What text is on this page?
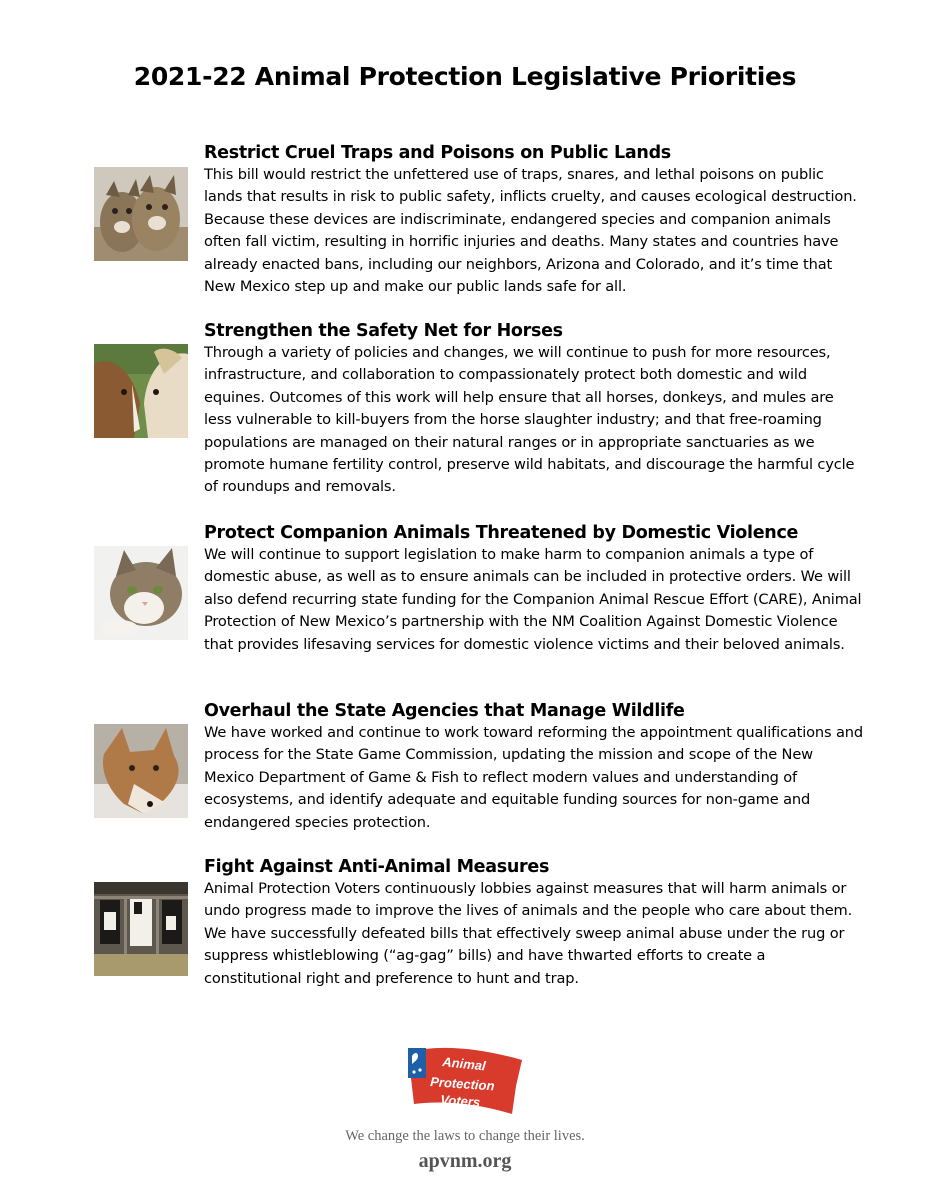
2021-22 Animal Protection Legislative Priorities
Restrict Cruel Traps and Poisons on Public Lands

This bill would restrict the unfettered use of traps, snares, and lethal poisons on public lands that results in risk to public safety, inflicts cruelty, and causes ecological destruction. Because these devices are indiscriminate, endangered species and companion animals often fall victim, resulting in horrific injuries and deaths. Many states and countries have already enacted bans, including our neighbors, Arizona and Colorado, and it’s time that New Mexico step up and make our public lands safe for all.

Strengthen the Safety Net for Horses

Through a variety of policies and changes, we will continue to push for more resources, infrastructure, and collaboration to compassionately protect both domestic and wild equines. Outcomes of this work will help ensure that all horses, donkeys, and mules are less vulnerable to kill-buyers from the horse slaughter industry; and that free-roaming populations are managed on their natural ranges or in appropriate sanctuaries as we promote humane fertility control, preserve wild habitats, and discourage the harmful cycle of roundups and removals.

Protect Companion Animals Threatened by Domestic Violence

We will continue to support legislation to make harm to companion animals a type of domestic abuse, as well as to ensure animals can be included in protective orders. We will also defend recurring state funding for the Companion Animal Rescue Effort (CARE), Animal Protection of New Mexico’s partnership with the NM Coalition Against Domestic Violence that provides lifesaving services for domestic violence victims and their beloved animals.

Overhaul the State Agencies that Manage Wildlife

We have worked and continue to work toward reforming the appointment qualifications and process for the State Game Commission, updating the mission and scope of the New Mexico Department of Game & Fish to reflect modern values and understanding of ecosystems, and identify adequate and equitable funding sources for non-game and endangered species protection.

Fight Against Anti-Animal Measures

Animal Protection Voters continuously lobbies against measures that will harm animals or undo progress made to improve the lives of animals and the people who care about them. We have successfully defeated bills that effectively sweep animal abuse under the rug or suppress whistleblowing (“ag-gag” bills) and have thwarted efforts to create a constitutional right and preference to hunt and trap.

Animal
Protection
Voters
We change the laws to change their lives.
apvnm.org
